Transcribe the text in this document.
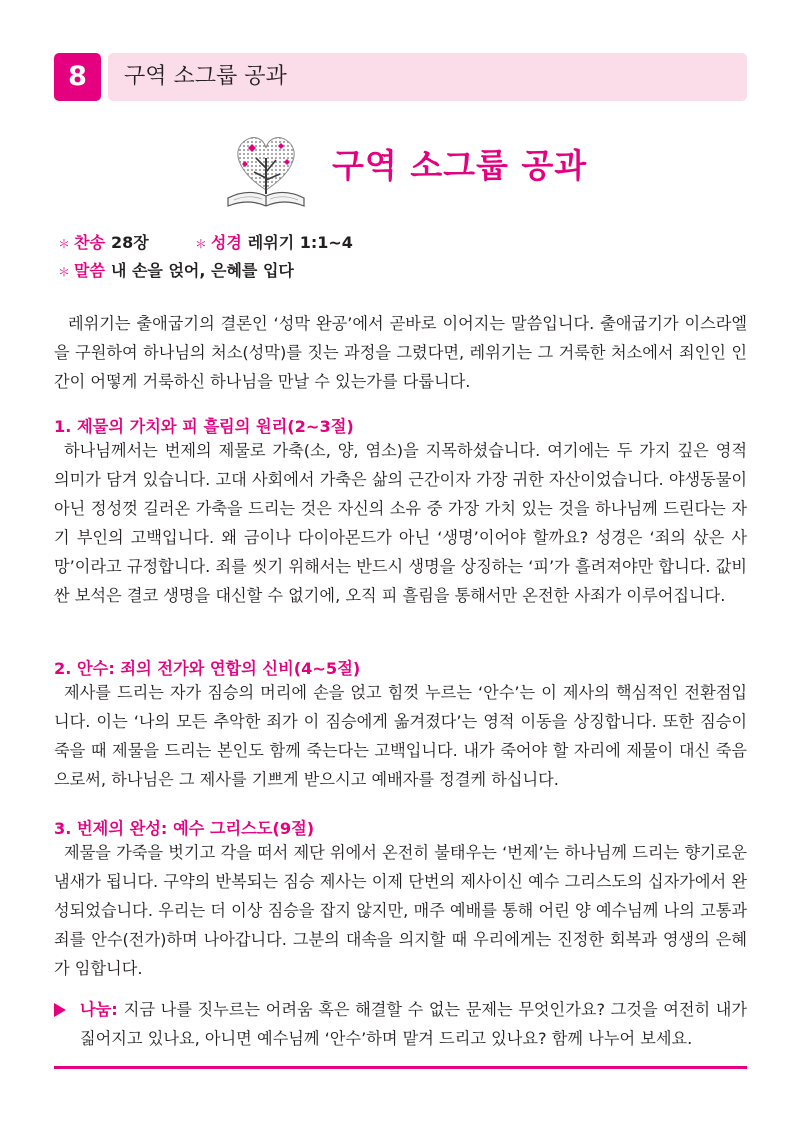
8	구역 소그룹 공과
구역 소그룹 공과
＊ 찬송 28장	＊ 성경 레위기 1:1~4
＊ 말씀 내 손을 얹어, 은혜를 입다

레위기는 출애굽기의 결론인 ‘성막 완공’에서 곧바로 이어지는 말씀입니다. 출애굽기가 이스라엘을 구원하여 하나님의 처소(성막)를 짓는 과정을 그렸다면, 레위기는 그 거룩한 처소에서 죄인인 인간이 어떻게 거룩하신 하나님을 만날 수 있는가를 다룹니다.

1. 제물의 가치와 피 흘림의 원리(2~3절)

하나님께서는 번제의 제물로 가축(소, 양, 염소)을 지목하셨습니다. 여기에는 두 가지 깊은 영적 의미가 담겨 있습니다. 고대 사회에서 가축은 삶의 근간이자 가장 귀한 자산이었습니다. 야생동물이 아닌 정성껏 길러온 가축을 드리는 것은 자신의 소유 중 가장 가치 있는 것을 하나님께 드린다는 자기 부인의 고백입니다. 왜 금이나 다이아몬드가 아닌 ‘생명’이어야 할까요? 성경은 ‘죄의 삯은 사망’이라고 규정합니다. 죄를 씻기 위해서는 반드시 생명을 상징하는 ‘피’가 흘려져야만 합니다. 값비싼 보석은 결코 생명을 대신할 수 없기에, 오직 피 흘림을 통해서만 온전한 사죄가 이루어집니다.

2. 안수: 죄의 전가와 연합의 신비(4~5절)

제사를 드리는 자가 짐승의 머리에 손을 얹고 힘껏 누르는 ‘안수’는 이 제사의 핵심적인 전환점입니다. 이는 ‘나의 모든 추악한 죄가 이 짐승에게 옮겨졌다’는 영적 이동을 상징합니다. 또한 짐승이 죽을 때 제물을 드리는 본인도 함께 죽는다는 고백입니다. 내가 죽어야 할 자리에 제물이 대신 죽음으로써, 하나님은 그 제사를 기쁘게 받으시고 예배자를 정결케 하십니다.

3. 번제의 완성: 예수 그리스도(9절)

제물을 가죽을 벗기고 각을 떠서 제단 위에서 온전히 불태우는 ‘번제’는 하나님께 드리는 향기로운 냄새가 됩니다. 구약의 반복되는 짐승 제사는 이제 단번의 제사이신 예수 그리스도의 십자가에서 완성되었습니다. 우리는 더 이상 짐승을 잡지 않지만, 매주 예배를 통해 어린 양 예수님께 나의 고통과 죄를 안수(전가)하며 나아갑니다. 그분의 대속을 의지할 때 우리에게는 진정한 회복과 영생의 은혜가 임합니다.

나눔: 지금 나를 짓누르는 어려움 혹은 해결할 수 없는 문제는 무엇인가요? 그것을 여전히 내가 짊어지고 있나요, 아니면 예수님께 ‘안수’하며 맡겨 드리고 있나요? 함께 나누어 보세요.
